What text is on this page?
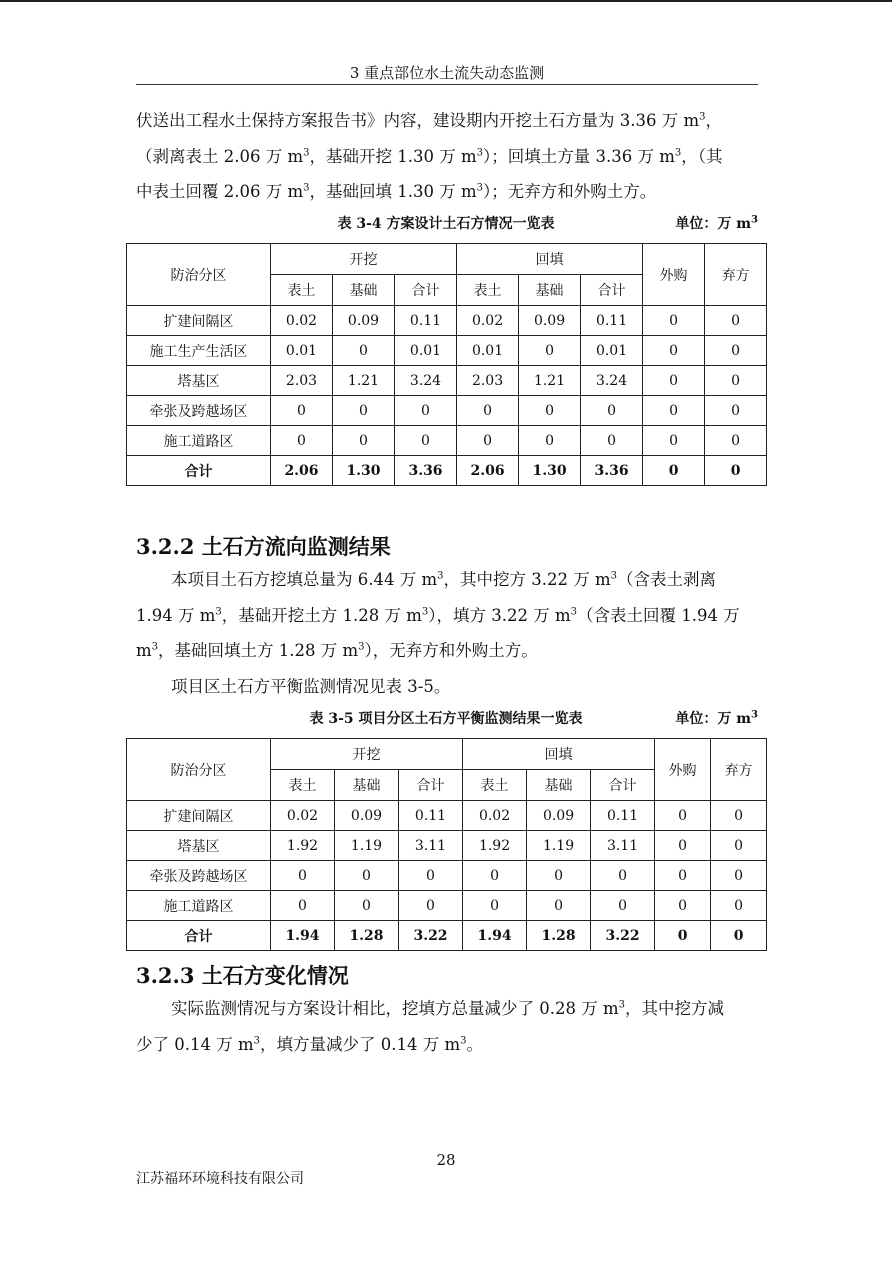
3 重点部位水土流失动态监测
伏送出工程水土保持方案报告书》内容，建设期内开挖土石方量为 3.36 万 $m^3$，
（剥离表土 2.06 万 $m^3$，基础开挖 1.30 万 $m^3$）；回填土方量 3.36 万 $m^3$，（其
中表土回覆 2.06 万 $m^3$，基础回填 1.30 万 $m^3$）；无弃方和外购土方。
表 3-4 方案设计土石方情况一览表	单位：万 $m^3$
防治分区	开挖			回填			外购	弃方
	表土	基础	合计	表土	基础	合计		
扩建间隔区	0.02	0.09	0.11	0.02	0.09	0.11	0	0
施工生产生活区	0.01	0	0.01	0.01	0	0.01	0	0
塔基区	2.03	1.21	3.24	2.03	1.21	3.24	0	0
牵张及跨越场区	0	0	0	0	0	0	0	0
施工道路区	0	0	0	0	0	0	0	0
合计	2.06	1.30	3.36	2.06	1.30	3.36	0	0
3.2.2 土石方流向监测结果
本项目土石方挖填总量为 6.44 万 $m^3$，其中挖方 3.22 万 $m^3$（含表土剥离
1.94 万 $m^3$，基础开挖土方 1.28 万 $m^3$），填方 3.22 万 $m^3$（含表土回覆 1.94 万
$m^3$，基础回填土方 1.28 万 $m^3$），无弃方和外购土方。
项目区土石方平衡监测情况见表 3-5。
表 3-5 项目分区土石方平衡监测结果一览表	单位：万 $m^3$
防治分区	开挖			回填			外购	弃方
	表土	基础	合计	表土	基础	合计		
扩建间隔区	0.02	0.09	0.11	0.02	0.09	0.11	0	0
塔基区	1.92	1.19	3.11	1.92	1.19	3.11	0	0
牵张及跨越场区	0	0	0	0	0	0	0	0
施工道路区	0	0	0	0	0	0	0	0
合计	1.94	1.28	3.22	1.94	1.28	3.22	0	0
3.2.3 土石方变化情况
实际监测情况与方案设计相比，挖填方总量减少了 0.28 万 $m^3$，其中挖方减
少了 0.14 万 $m^3$，填方量减少了 0.14 万 $m^3$。
28
江苏福环环境科技有限公司
